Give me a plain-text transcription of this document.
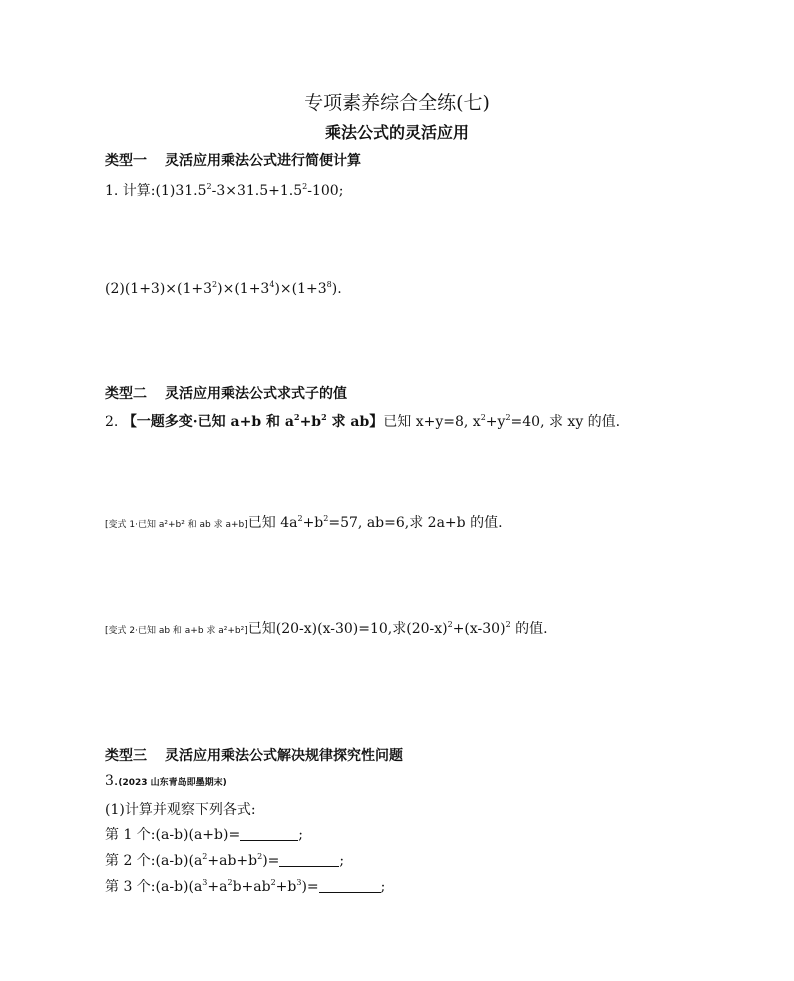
专项素养综合全练(七)
乘法公式的灵活应用
类型一 灵活应用乘法公式进行简便计算
1. 计算$:(1)31.5^2-3\times 31.5+1.5^2-100$;
$(2)(1+3)\times(1+3^2)\times(1+3^4)\times(1+3^8)$.
类型二 灵活应用乘法公式求式子的值
2. 【一题多变·已知 a+b 和 $a^2+b^2$ 求 ab】已知 x+y=8, $x^2+y^2=40$, 求 xy 的值.
[变式 1·已知 a²+b² 和 ab 求 a+b]已知 $4a^2+b^2=57$, ab=6,求 2a+b 的值.
[变式 2·已知 ab 和 a+b 求 a²+b²]已知(20-x)(x-30)=10,求$(20-x)^2+(x-30)^2$ 的值.
类型三 灵活应用乘法公式解决规律探究性问题
3.(2023 山东青岛即墨期末)
(1)计算并观察下列各式:
第 1 个:(a-b)(a+b)=	;
第 2 个$:(a-b)(a^2+ab+b^2)=$	;
第 3 个$:(a-b)(a^3+a^2b+ab^2+b^3)=$	;
